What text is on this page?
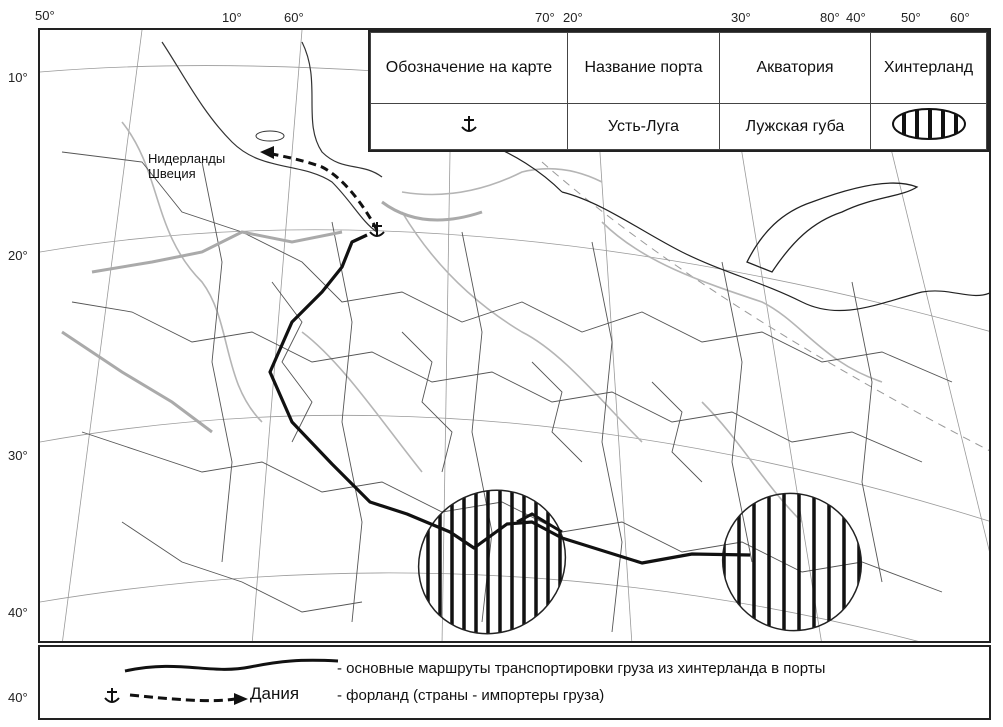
50°	10°	60°	70° 20°	30°	80° 40°	50° 60°
10°
20°
30°
40°
40°
Нидерланды
Швеция
Обозначение на карте	Название порта	Акватория	Хинтерланд
	Усть-Луга	Лужская губа	
Дания
- основные маршруты транспортировки груза из хинтерланда в порты
- форланд (страны - импортеры груза)
